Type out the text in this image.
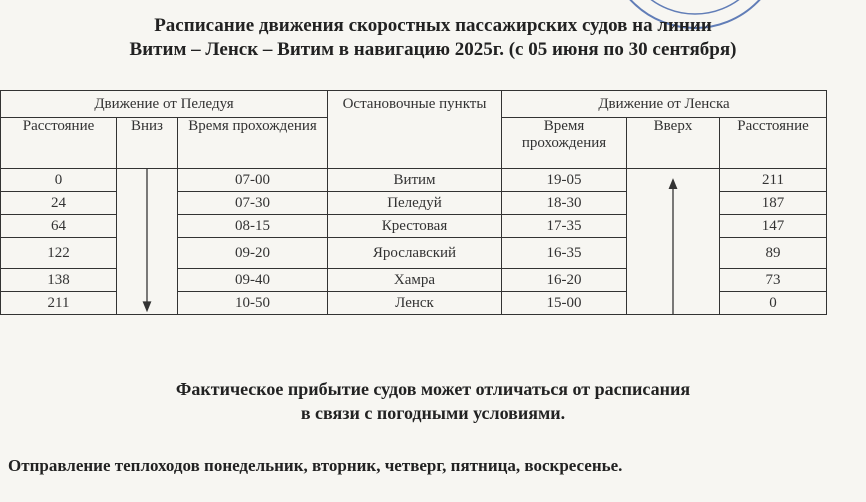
Расписание движения скоростных пассажирских судов на линии
Витим – Ленск – Витим в навигацию 2025г. (с 05 июня по 30 сентября)
Движение от Пеледуя			Остановочные пункты	Движение от Ленска		
Расстояние	Вниз	Время прохождения		Время прохождения	Вверх	Расстояние
0		07-00	Витим	19-05		211
24		07-30	Пеледуй	18-30		187
64		08-15	Крестовая	17-35		147
122		09-20	Ярославский	16-35		89
138		09-40	Хамра	16-20		73
211		10-50	Ленск	15-00		0
Фактическое прибытие судов может отличаться от расписания
в связи с погодными условиями.
Отправление теплоходов понедельник, вторник, четверг, пятница, воскресенье.
